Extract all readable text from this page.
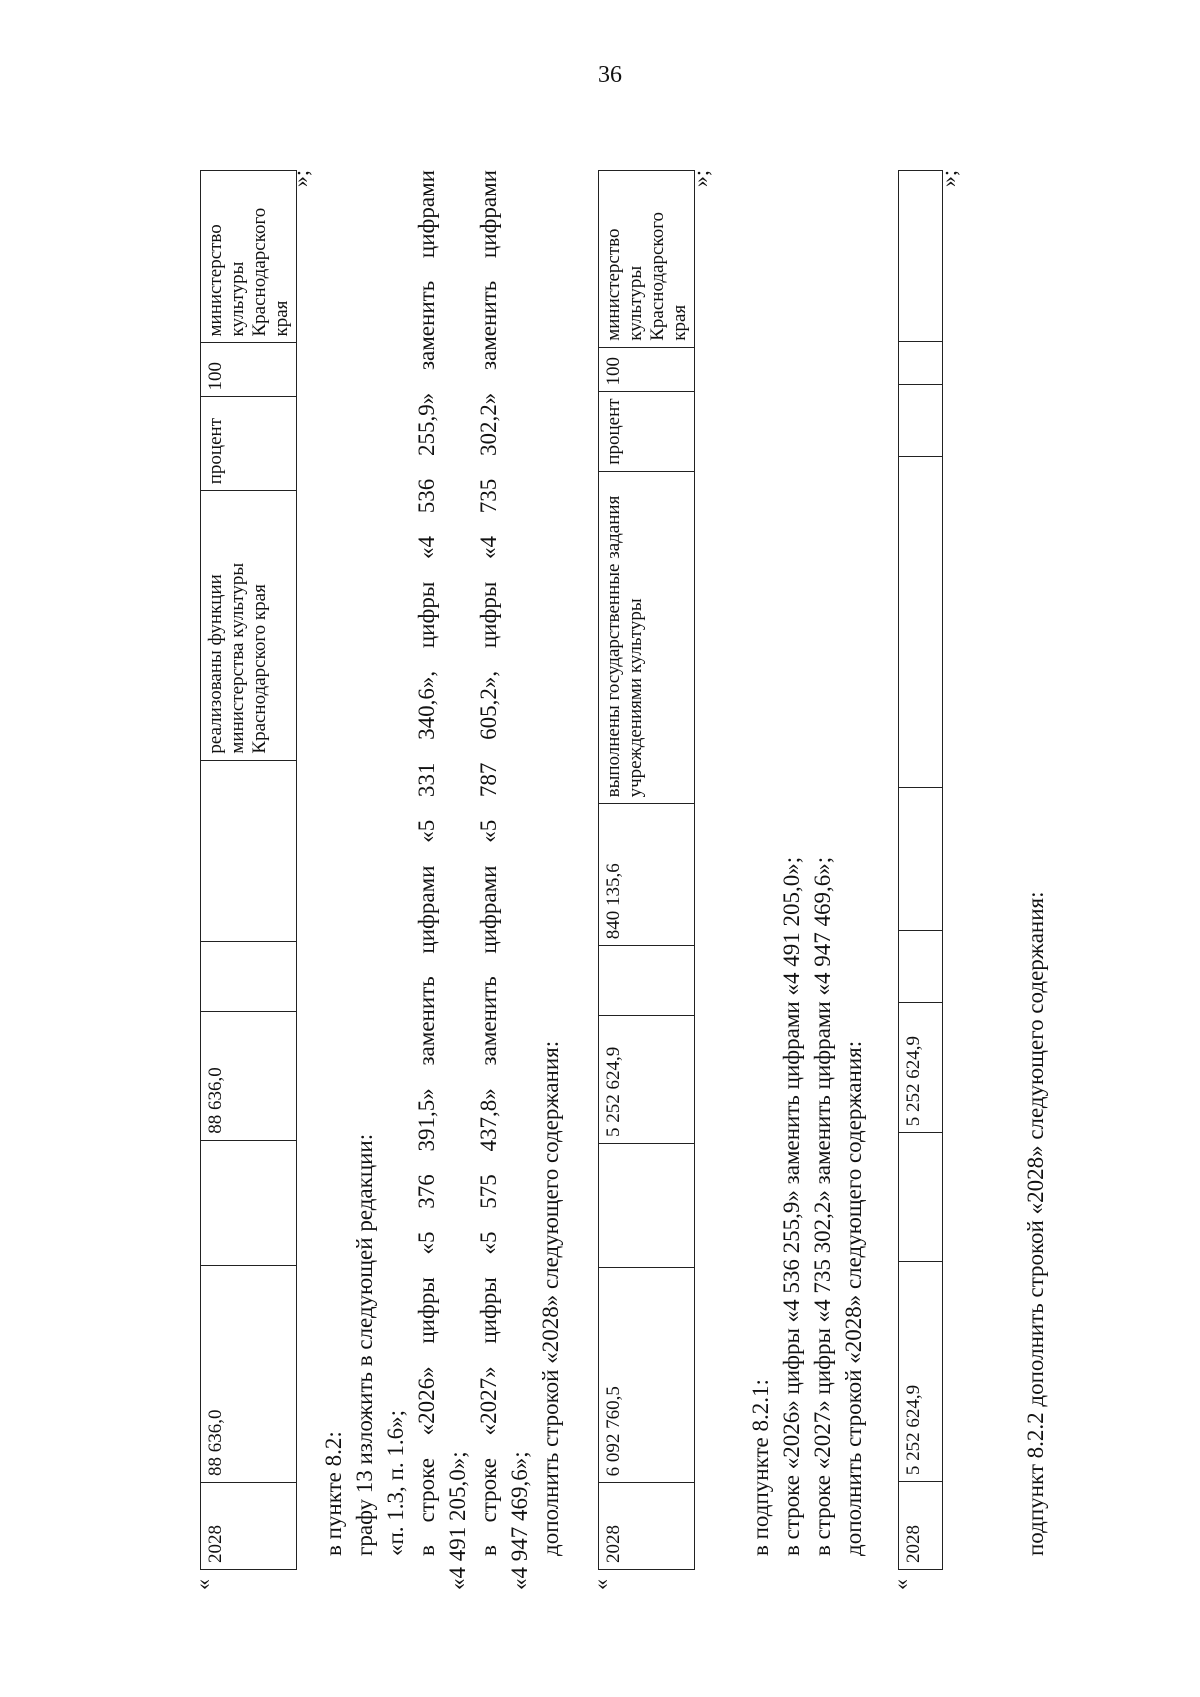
36
«
»;
2028	88 636,0		88 636,0			реализованы функции министерства культуры Краснодарского края	процент	100	министерство культуры Краснодарского края

в пункте 8.2: графу 13 изложить в следующей редакции: «п. 1.3, п. 1.6»; в строке «2026» цифры «5 376 391,5» заменить цифрами «5 331 340,6», цифры «4 536 255,9» заменить цифрами «4 491 205,0»; в строке «2027» цифры «5 575 437,8» заменить цифрами «5 787 605,2», цифры «4 735 302,2» заменить цифрами «4 947 469,6»; дополнить строкой «2028» следующего содержания:

«
»;
2028	6 092 760,5		5 252 624,9		840 135,6	выполнены государственные задания учреждениями культуры	процент	100	министерство культуры Краснодарского края

в подпункте 8.2.1: в строке «2026» цифры «4 536 255,9» заменить цифрами «4 491 205,0»; в строке «2027» цифры «4 735 302,2» заменить цифрами «4 947 469,6»; дополнить строкой «2028» следующего содержания:

«
»;
2028	5 252 624,9		5 252 624,9							подпункт 8.2.2 дополнить строкой «2028» следующего содержания:
